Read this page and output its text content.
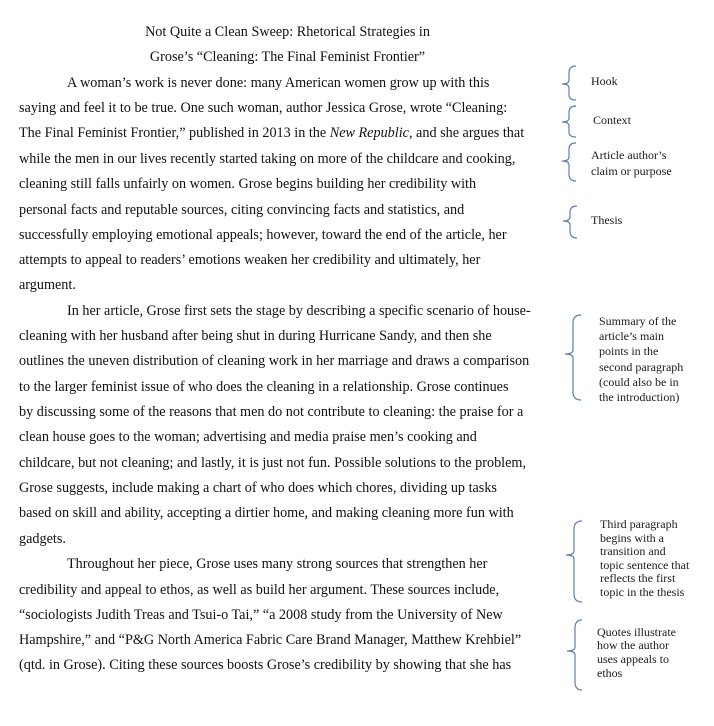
Not Quite a Clean Sweep: Rhetorical Strategies in
Grose’s “Cleaning: The Final Feminist Frontier”
A woman’s work is never done: many American women grow up with this
saying and feel it to be true. One such woman, author Jessica Grose, wrote “Cleaning:
The Final Feminist Frontier,” published in 2013 in the New Republic, and she argues that
while the men in our lives recently started taking on more of the childcare and cooking,
cleaning still falls unfairly on women. Grose begins building her credibility with
personal facts and reputable sources, citing convincing facts and statistics, and
successfully employing emotional appeals; however, toward the end of the article, her
attempts to appeal to readers’ emotions weaken her credibility and ultimately, her
argument.
In her article, Grose first sets the stage by describing a specific scenario of house-
cleaning with her husband after being shut in during Hurricane Sandy, and then she
outlines the uneven distribution of cleaning work in her marriage and draws a comparison
to the larger feminist issue of who does the cleaning in a relationship. Grose continues
by discussing some of the reasons that men do not contribute to cleaning: the praise for a
clean house goes to the woman; advertising and media praise men’s cooking and
childcare, but not cleaning; and lastly, it is just not fun. Possible solutions to the problem,
Grose suggests, include making a chart of who does which chores, dividing up tasks
based on skill and ability, accepting a dirtier home, and making cleaning more fun with
gadgets.
Throughout her piece, Grose uses many strong sources that strengthen her
credibility and appeal to ethos, as well as build her argument. These sources include,
“sociologists Judith Treas and Tsui-o Tai,” “a 2008 study from the University of New
Hampshire,” and “P&G North America Fabric Care Brand Manager, Matthew Krehbiel”
(qtd. in Grose). Citing these sources boosts Grose’s credibility by showing that she has
Hook
Context
Article author’s
claim or purpose
Thesis
Summary of the
article’s main
points in the
second paragraph
(could also be in
the introduction)
Third paragraph
begins with a
transition and
topic sentence that
reflects the first
topic in the thesis
Quotes illustrate
how the author
uses appeals to
ethos
